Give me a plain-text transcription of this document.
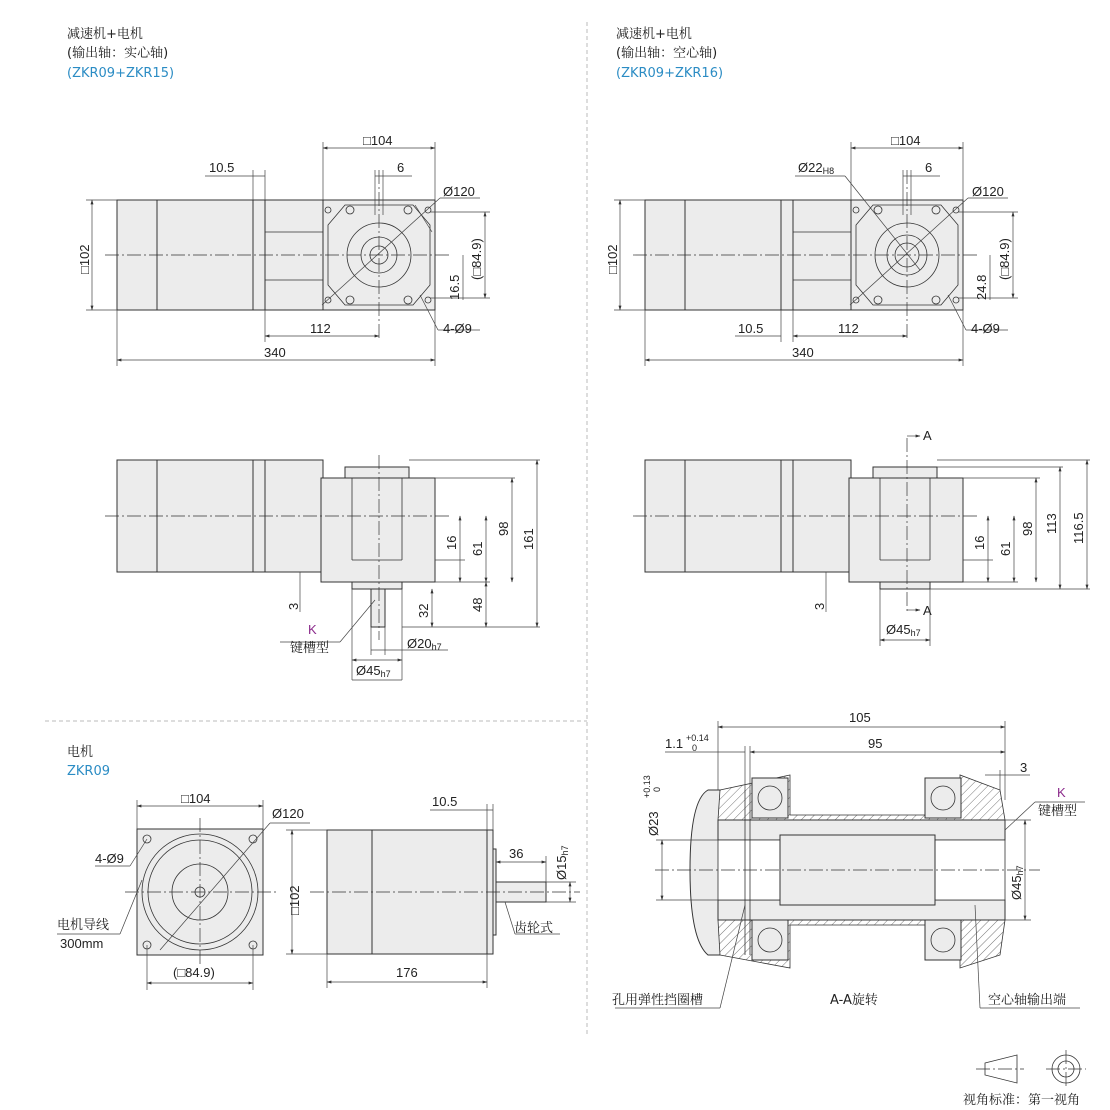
减速机+电机
(输出轴：实心轴)
(ZKR09+ZKR15)
□104
6
10.5
Ø120
□102	(□84.9)
16.5
112	4-Ø9
340
16 61
98 161
3	32	48
K
键槽型	Ø20h7
Ø45h7
减速机+电机
(输出轴：空心轴)
(ZKR09+ZKR16)
□104
Ø22H8	6
Ø120
□102	(□84.9)
24.8
10.5	112	4-Ø9
340
A
A
16 61
98 113 116.5
3
Ø45h7
电机
ZKR09
□104
Ø120
4-Ø9
电机导线
300mm
(□84.9)
10.5
36
Ø15h7
□102
176
齿轮式
105
1.1 +0.14
0	95
3
Ø23
+0.13 0	K
键槽型
Ø45h7
孔用弹性挡圈槽	A-A旋转	空心轴输出端
视角标准：第一视角
